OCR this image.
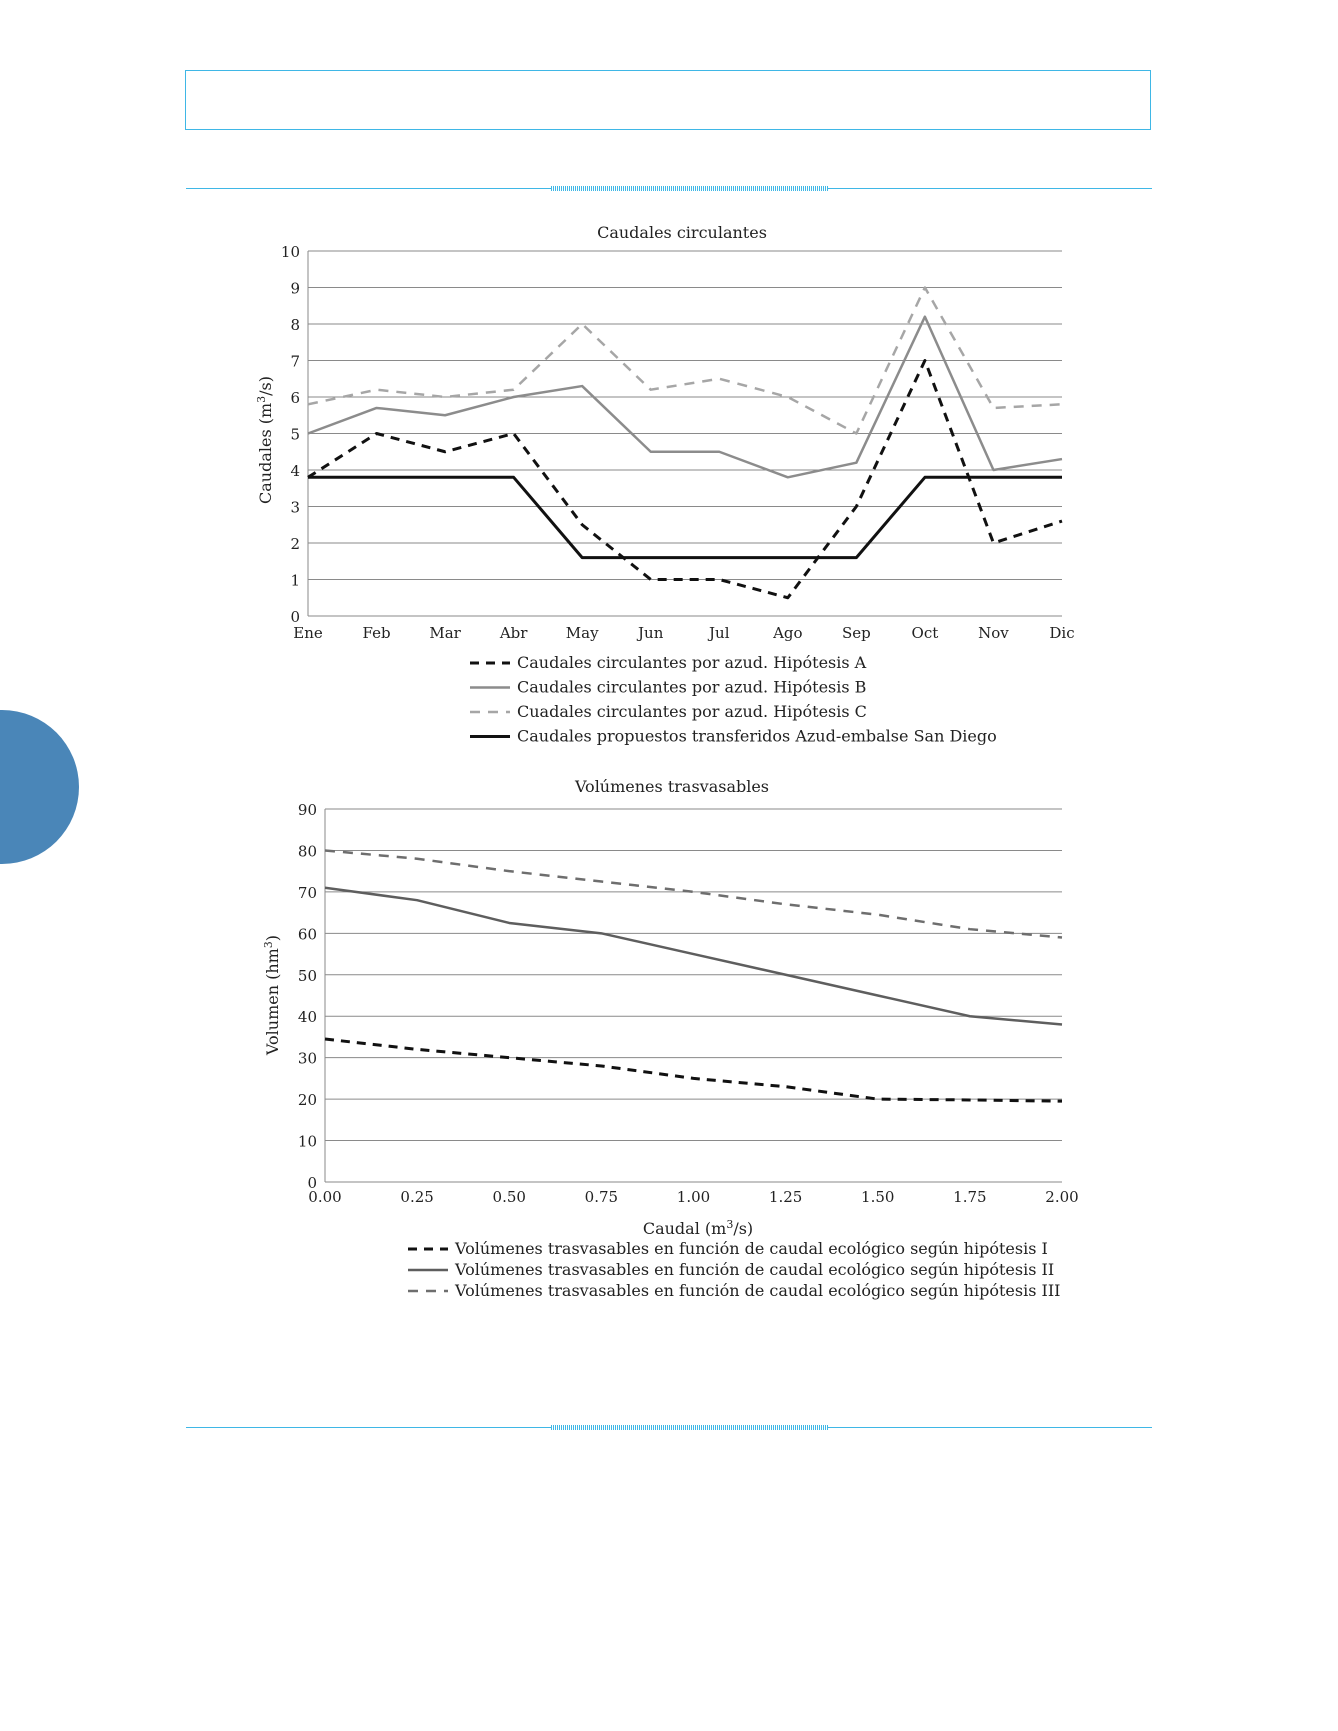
0
1
2
3
4
5
6
7
8
9
10
Ene	Feb	Mar	Abr	May	Jun	Jul	Ago	Sep	Oct	Nov	Dic
Caudales circulantes por azud. Hipótesis A
Caudales circulantes por azud. Hipótesis B
Cuadales circulantes por azud. Hipótesis C
Caudales propuestos transferidos Azud-embalse San Diego
Caudales circulantes
Caudales $(m^3/s)$
0
10
20
30
40
50
60
70
80
90
0.00	0.25	0.50	0.75	1.00	1.25	1.50	1.75	2.00
Volúmenes trasvasables en función de caudal ecológico según hipótesis I
Volúmenes trasvasables en función de caudal ecológico según hipótesis II
Volúmenes trasvasables en función de caudal ecológico según hipótesis III
Volúmenes trasvasables
Volumen $(hm^3)$
Caudal $(m^3/s)$
